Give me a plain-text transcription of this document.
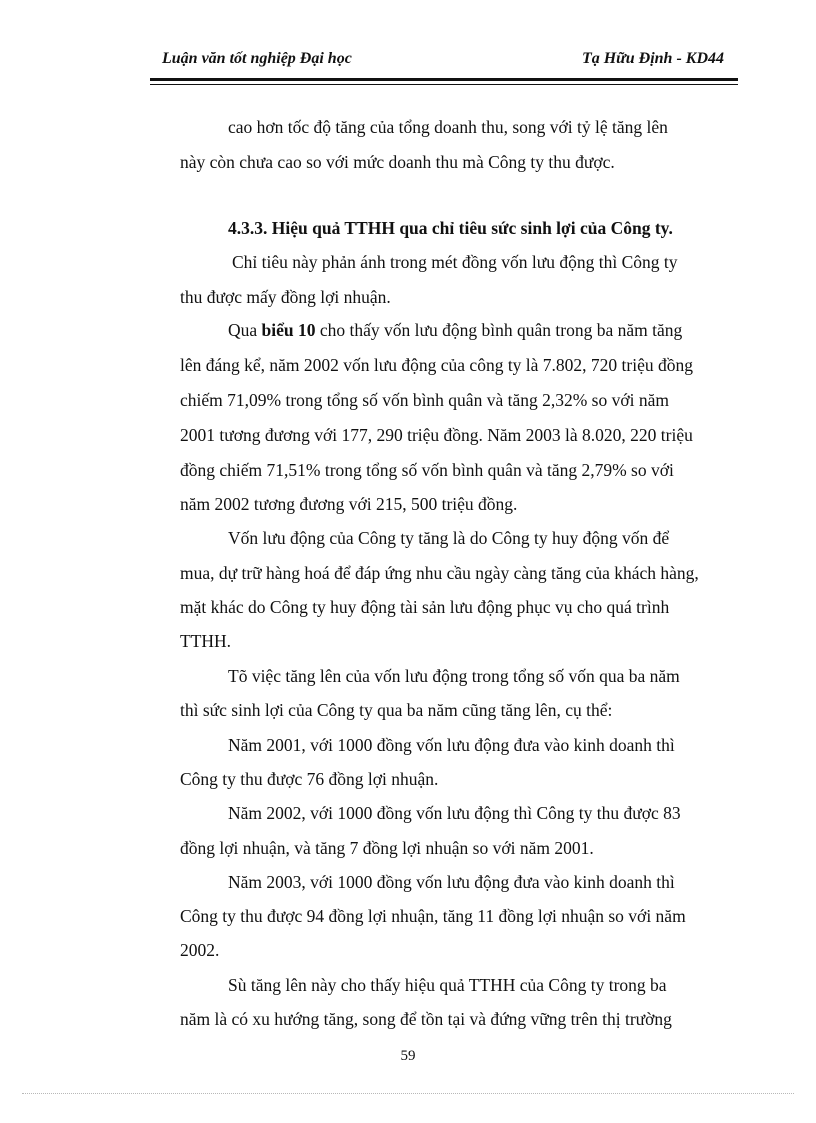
Luận văn tốt nghiệp Đại học	Tạ Hữu Định - KD44
cao hơn tốc độ tăng của tổng doanh thu, song với tỷ lệ tăng lên
này còn chưa cao so với mức doanh thu mà Công ty thu được.
4.3.3. Hiệu quả TTHH qua chỉ tiêu sức sinh lợi của Công ty.
Chỉ tiêu này phản ánh trong mét đồng vốn lưu động thì Công ty
thu được mấy đồng lợi nhuận.
Qua biểu 10 cho thấy vốn lưu động bình quân trong ba năm tăng
lên đáng kể, năm 2002 vốn lưu động của công ty là 7.802, 720 triệu đồng
chiếm 71,09% trong tổng số vốn bình quân và tăng 2,32% so với năm
2001 tương đương với 177, 290 triệu đồng. Năm 2003 là 8.020, 220 triệu
đồng chiếm 71,51% trong tổng số vốn bình quân và tăng 2,79% so với
năm 2002 tương đương với 215, 500 triệu đồng.
Vốn lưu động của Công ty tăng là do Công ty huy động vốn để
mua, dự trữ hàng hoá để đáp ứng nhu cầu ngày càng tăng của khách hàng,
mặt khác do Công ty huy động tài sản lưu động phục vụ cho quá trình
TTHH.
Tõ việc tăng lên của vốn lưu động trong tổng số vốn qua ba năm
thì sức sinh lợi của Công ty qua ba năm cũng tăng lên, cụ thể:
Năm 2001, với 1000 đồng vốn lưu động đưa vào kinh doanh thì
Công ty thu được 76 đồng lợi nhuận.
Năm 2002, với 1000 đồng vốn lưu động thì Công ty thu được 83
đồng lợi nhuận, và tăng 7 đồng lợi nhuận so với năm 2001.
Năm 2003, với 1000 đồng vốn lưu động đưa vào kinh doanh thì
Công ty thu được 94 đồng lợi nhuận, tăng 11 đồng lợi nhuận so với năm
2002.
Sù tăng lên này cho thấy hiệu quả TTHH của Công ty trong ba
năm là có xu hướng tăng, song để tồn tại và đứng vững trên thị trường
59
